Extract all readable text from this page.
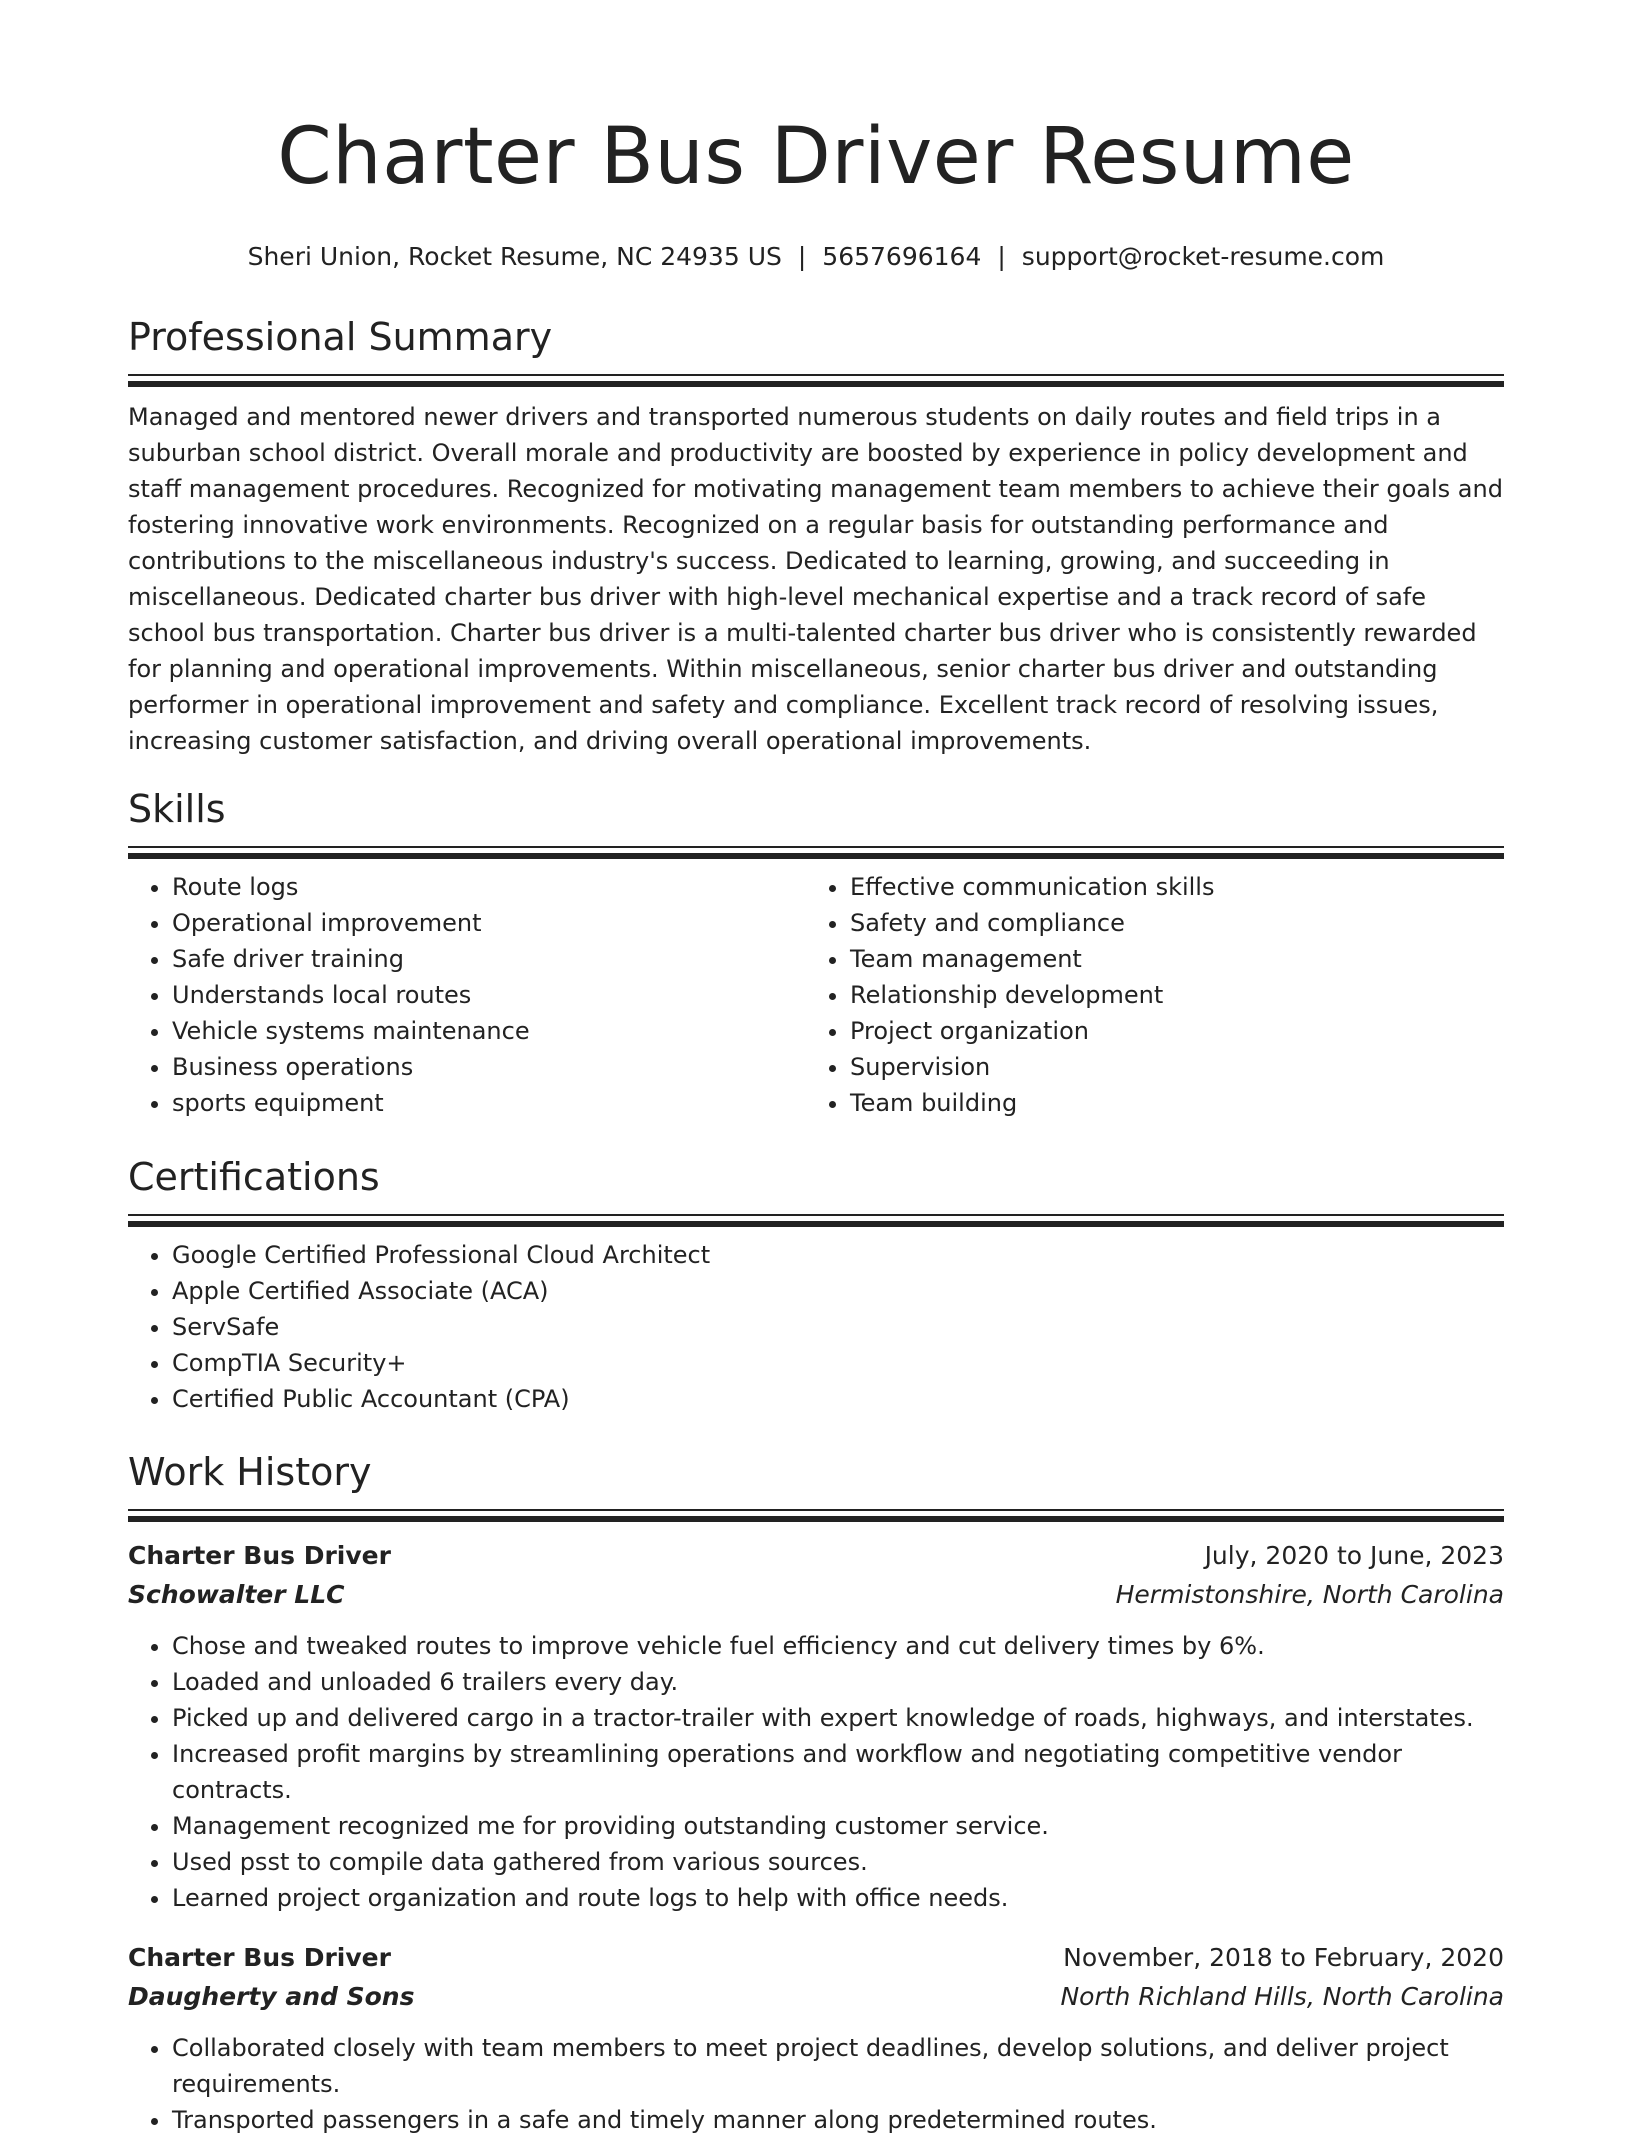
Charter Bus Driver Resume
Sheri Union, Rocket Resume, NC 24935 US | 5657696164 | support@rocket-resume.com
Professional Summary
Managed and mentored newer drivers and transported numerous students on daily routes and field trips in a suburban school district. Overall morale and productivity are boosted by experience in policy development and staff management procedures. Recognized for motivating management team members to achieve their goals and fostering innovative work environments. Recognized on a regular basis for outstanding performance and contributions to the miscellaneous industry's success. Dedicated to learning, growing, and succeeding in miscellaneous. Dedicated charter bus driver with high-level mechanical expertise and a track record of safe school bus transportation. Charter bus driver is a multi-talented charter bus driver who is consistently rewarded for planning and operational improvements. Within miscellaneous, senior charter bus driver and outstanding performer in operational improvement and safety and compliance. Excellent track record of resolving issues, increasing customer satisfaction, and driving overall operational improvements.
Skills
• Route logs
• Operational improvement
• Safe driver training
• Understands local routes
• Vehicle systems maintenance
• Business operations
• sports equipment
• Effective communication skills
• Safety and compliance
• Team management
• Relationship development
• Project organization
• Supervision
• Team building
Certifications
• Google Certified Professional Cloud Architect
• Apple Certified Associate (ACA)
• ServSafe
• CompTIA Security+
• Certified Public Accountant (CPA)
Work History
Charter Bus Driver	July, 2020 to June, 2023
Schowalter LLC	Hermistonshire, North Carolina
• Chose and tweaked routes to improve vehicle fuel efficiency and cut delivery times by 6%.
• Loaded and unloaded 6 trailers every day.
• Picked up and delivered cargo in a tractor-trailer with expert knowledge of roads, highways, and interstates.
• Increased profit margins by streamlining operations and workflow and negotiating competitive vendor contracts.
• Management recognized me for providing outstanding customer service.
• Used psst to compile data gathered from various sources.
• Learned project organization and route logs to help with office needs.
Charter Bus Driver	November, 2018 to February, 2020
Daugherty and Sons	North Richland Hills, North Carolina
• Collaborated closely with team members to meet project deadlines, develop solutions, and deliver project requirements.
• Transported passengers in a safe and timely manner along predetermined routes.
